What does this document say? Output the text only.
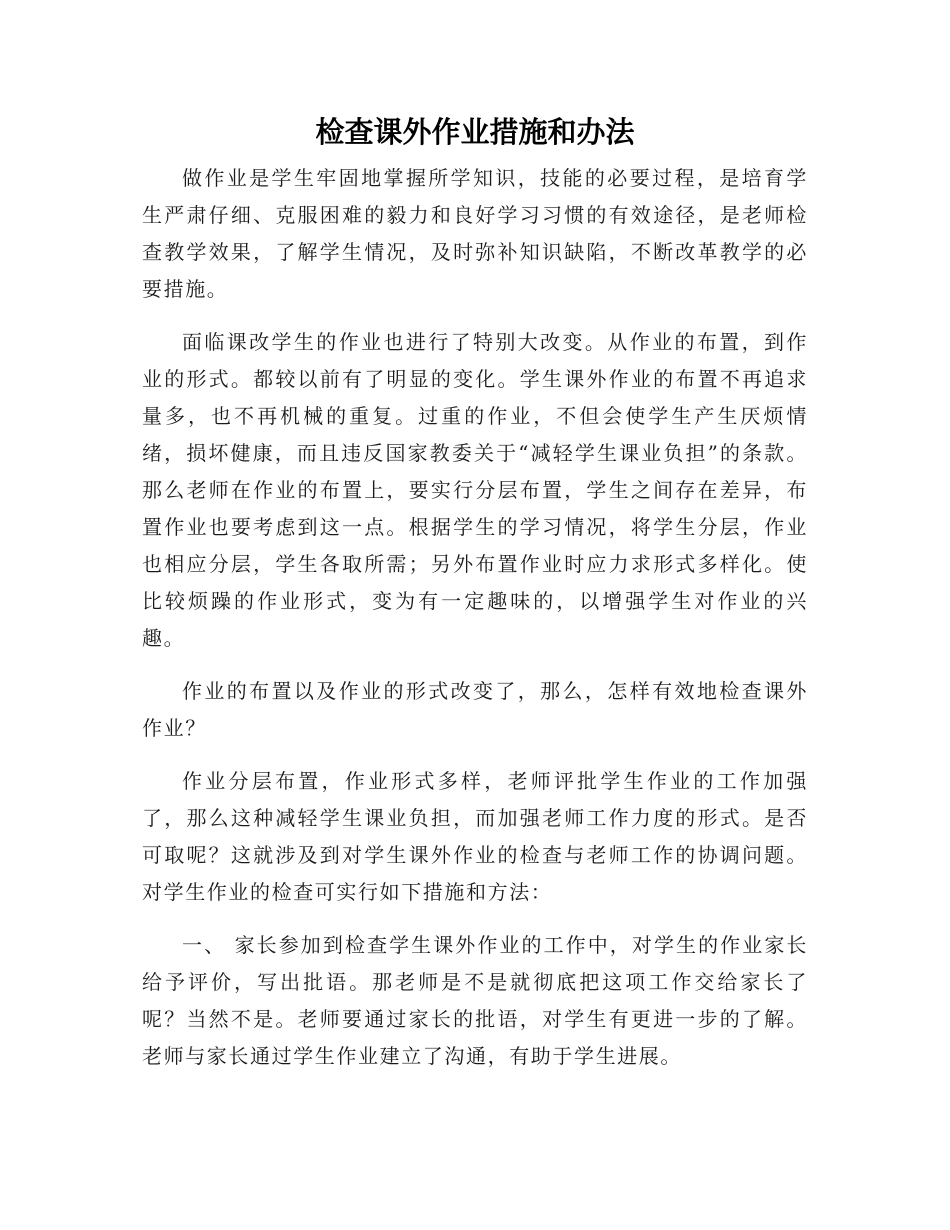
检查课外作业措施和办法

做作业是学生牢固地掌握所学知识，技能的必要过程，是培育学生严肃仔细、克服困难的毅力和良好学习习惯的有效途径，是老师检查教学效果，了解学生情况，及时弥补知识缺陷，不断改革教学的必要措施。

面临课改学生的作业也进行了特别大改变。从作业的布置，到作业的形式。都较以前有了明显的变化。学生课外作业的布置不再追求量多，也不再机械的重复。过重的作业，不但会使学生产生厌烦情绪，损坏健康，而且违反国家教委关于“减轻学生课业负担”的条款。那么老师在作业的布置上，要实行分层布置，学生之间存在差异，布置作业也要考虑到这一点。根据学生的学习情况，将学生分层，作业也相应分层，学生各取所需；另外布置作业时应力求形式多样化。使比较烦躁的作业形式，变为有一定趣味的，以增强学生对作业的兴趣。

作业的布置以及作业的形式改变了，那么，怎样有效地检查课外作业？

作业分层布置，作业形式多样，老师评批学生作业的工作加强了，那么这种减轻学生课业负担，而加强老师工作力度的形式。是否可取呢？这就涉及到对学生课外作业的检查与老师工作的协调问题。对学生作业的检查可实行如下措施和方法：

一、 家长参加到检查学生课外作业的工作中，对学生的作业家长给予评价，写出批语。那老师是不是就彻底把这项工作交给家长了呢？当然不是。老师要通过家长的批语，对学生有更进一步的了解。老师与家长通过学生作业建立了沟通，有助于学生进展。
